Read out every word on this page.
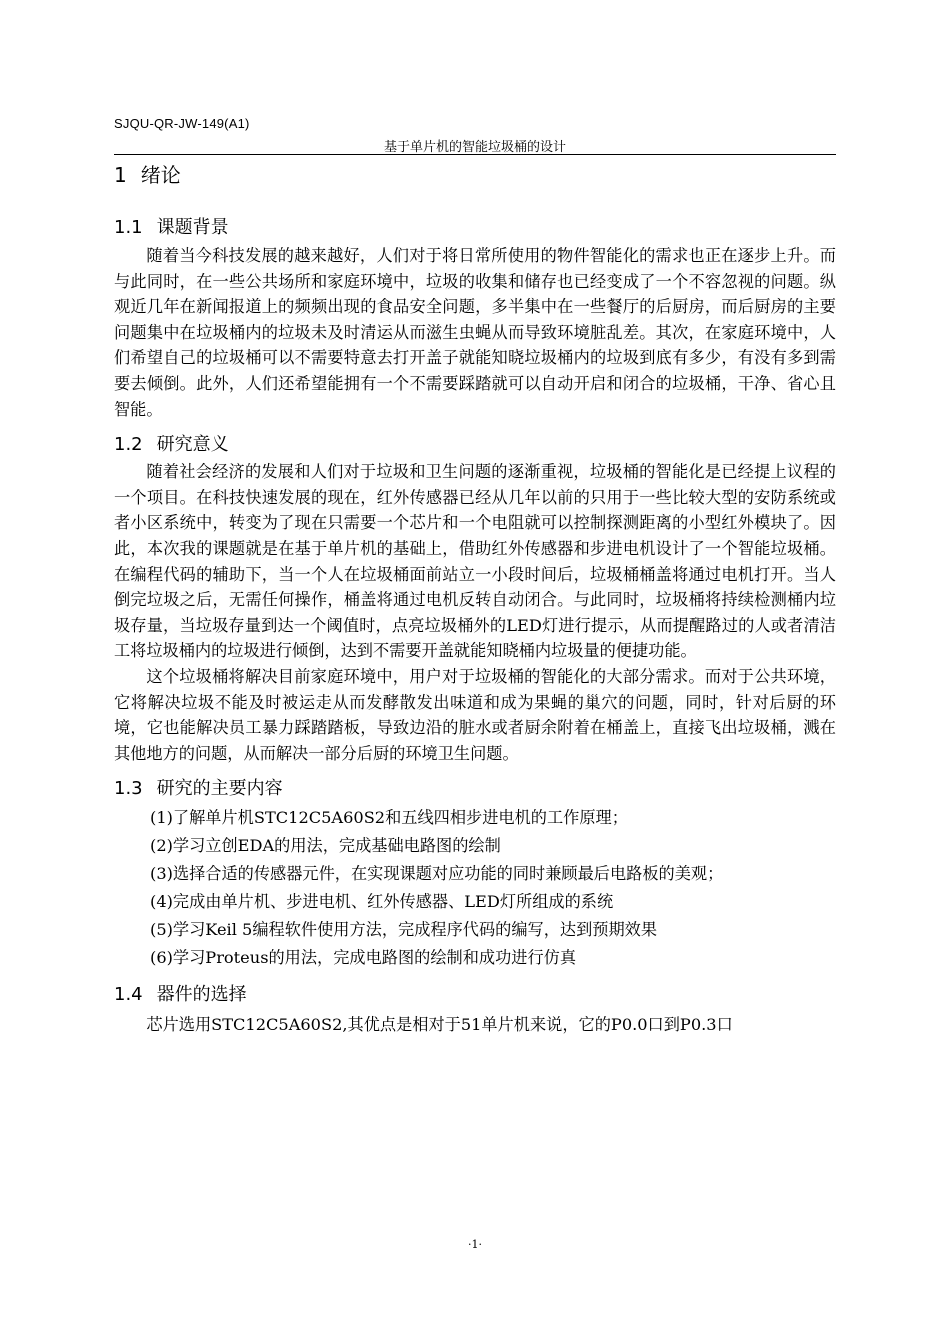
SJQU-QR-JW-149(A1)
基于单片机的智能垃圾桶的设计
1 绪论
1.1 课题背景

随着当今科技发展的越来越好，人们对于将日常所使用的物件智能化的需求也正在逐步上升。而与此同时，在一些公共场所和家庭环境中，垃圾的收集和储存也已经变成了一个不容忽视的问题。纵观近几年在新闻报道上的频频出现的食品安全问题，多半集中在一些餐厅的后厨房，而后厨房的主要问题集中在垃圾桶内的垃圾未及时清运从而滋生虫蝇从而导致环境脏乱差。其次，在家庭环境中，人们希望自己的垃圾桶可以不需要特意去打开盖子就能知晓垃圾桶内的垃圾到底有多少，有没有多到需要去倾倒。此外，人们还希望能拥有一个不需要踩踏就可以自动开启和闭合的垃圾桶，干净、省心且智能。

1.2 研究意义

随着社会经济的发展和人们对于垃圾和卫生问题的逐渐重视，垃圾桶的智能化是已经提上议程的一个项目。在科技快速发展的现在，红外传感器已经从几年以前的只用于一些比较大型的安防系统或者小区系统中，转变为了现在只需要一个芯片和一个电阻就可以控制探测距离的小型红外模块了。因此，本次我的课题就是在基于单片机的基础上，借助红外传感器和步进电机设计了一个智能垃圾桶。在编程代码的辅助下，当一个人在垃圾桶面前站立一小段时间后，垃圾桶桶盖将通过电机打开。当人倒完垃圾之后，无需任何操作，桶盖将通过电机反转自动闭合。与此同时，垃圾桶将持续检测桶内垃圾存量，当垃圾存量到达一个阈值时，点亮垃圾桶外的LED灯进行提示，从而提醒路过的人或者清洁工将垃圾桶内的垃圾进行倾倒，达到不需要开盖就能知晓桶内垃圾量的便捷功能。

这个垃圾桶将解决目前家庭环境中，用户对于垃圾桶的智能化的大部分需求。而对于公共环境，它将解决垃圾不能及时被运走从而发酵散发出味道和成为果蝇的巢穴的问题，同时，针对后厨的环境，它也能解决员工暴力踩踏踏板，导致边沿的脏水或者厨余附着在桶盖上，直接飞出垃圾桶，溅在其他地方的问题，从而解决一部分后厨的环境卫生问题。

1.3 研究的主要内容
(1)了解单片机STC12C5A60S2和五线四相步进电机的工作原理；
(2)学习立创EDA的用法，完成基础电路图的绘制
(3)选择合适的传感器元件，在实现课题对应功能的同时兼顾最后电路板的美观；
(4)完成由单片机、步进电机、红外传感器、LED灯所组成的系统
(5)学习Keil 5编程软件使用方法，完成程序代码的编写，达到预期效果
(6)学习Proteus的用法，完成电路图的绘制和成功进行仿真
1.4 器件的选择

芯片选用STC12C5A60S2,其优点是相对于51单片机来说，它的P0.0口到P0.3口

·1·
